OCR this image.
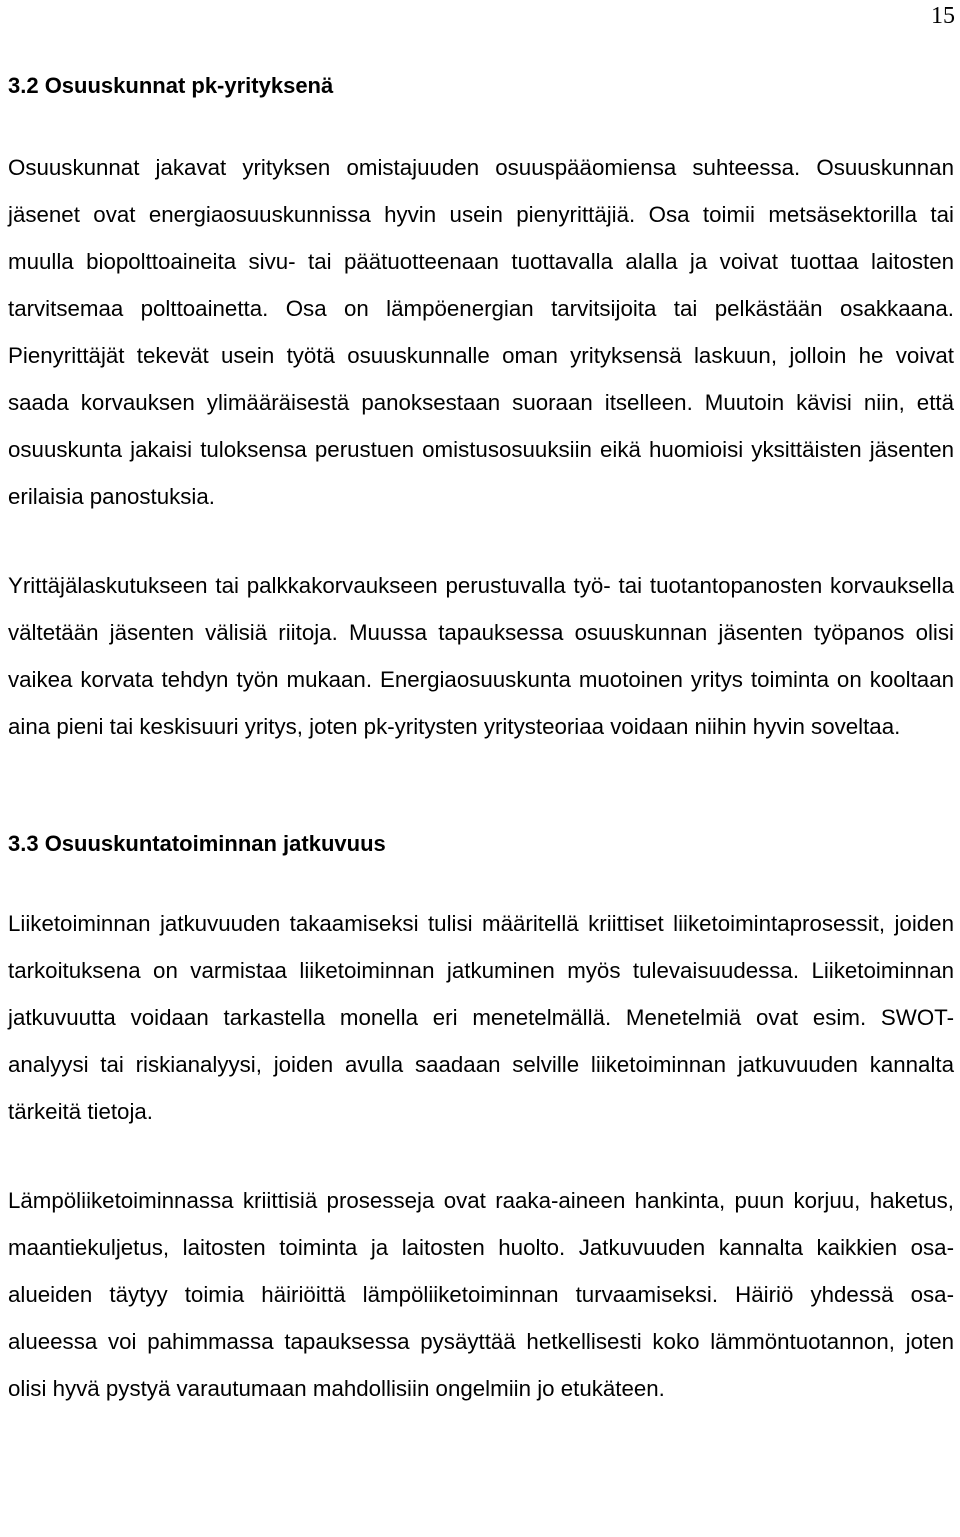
15
3.2 Osuuskunnat pk-yrityksenä

Osuuskunnat jakavat yrityksen omistajuuden osuuspääomiensa suhteessa. Osuuskunnan jäsenet ovat energiaosuuskunnissa hyvin usein pienyrittäjiä. Osa toimii metsäsektorilla tai muulla biopolttoaineita sivu- tai päätuotteenaan tuottavalla alalla ja voivat tuottaa laitosten tarvitsemaa polttoainetta. Osa on lämpöenergian tarvitsijoita tai pelkästään osakkaana. Pienyrittäjät tekevät usein työtä osuuskunnalle oman yrityksensä laskuun, jolloin he voivat saada korvauksen ylimääräisestä panoksestaan suoraan itselleen. Muutoin kävisi niin, että osuuskunta jakaisi tuloksensa perustuen omistusosuuksiin eikä huomioisi yksittäisten jäsenten erilaisia panostuksia.

Yrittäjälaskutukseen tai palkkakorvaukseen perustuvalla työ- tai tuotantopanosten korvauksella vältetään jäsenten välisiä riitoja. Muussa tapauksessa osuuskunnan jäsenten työpanos olisi vaikea korvata tehdyn työn mukaan. Energiaosuuskunta muotoinen yritys toiminta on kooltaan aina pieni tai keskisuuri yritys, joten pk-yritysten yritysteoriaa voidaan niihin hyvin soveltaa.

3.3 Osuuskuntatoiminnan jatkuvuus

Liiketoiminnan jatkuvuuden takaamiseksi tulisi määritellä kriittiset liiketoimintaprosessit, joiden tarkoituksena on varmistaa liiketoiminnan jatkuminen myös tulevaisuudessa. Liiketoiminnan jatkuvuutta voidaan tarkastella monella eri menetelmällä. Menetelmiä ovat esim. SWOT- analyysi tai riskianalyysi, joiden avulla saadaan selville liiketoiminnan jatkuvuuden kannalta tärkeitä tietoja.

Lämpöliiketoiminnassa kriittisiä prosesseja ovat raaka-aineen hankinta, puun korjuu, haketus, maantiekuljetus, laitosten toiminta ja laitosten huolto. Jatkuvuuden kannalta kaikkien osa-alueiden täytyy toimia häiriöittä lämpöliiketoiminnan turvaamiseksi. Häiriö yhdessä osa-alueessa voi pahimmassa tapauksessa pysäyttää hetkellisesti koko lämmöntuotannon, joten olisi hyvä pystyä varautumaan mahdollisiin ongelmiin jo etukäteen.
